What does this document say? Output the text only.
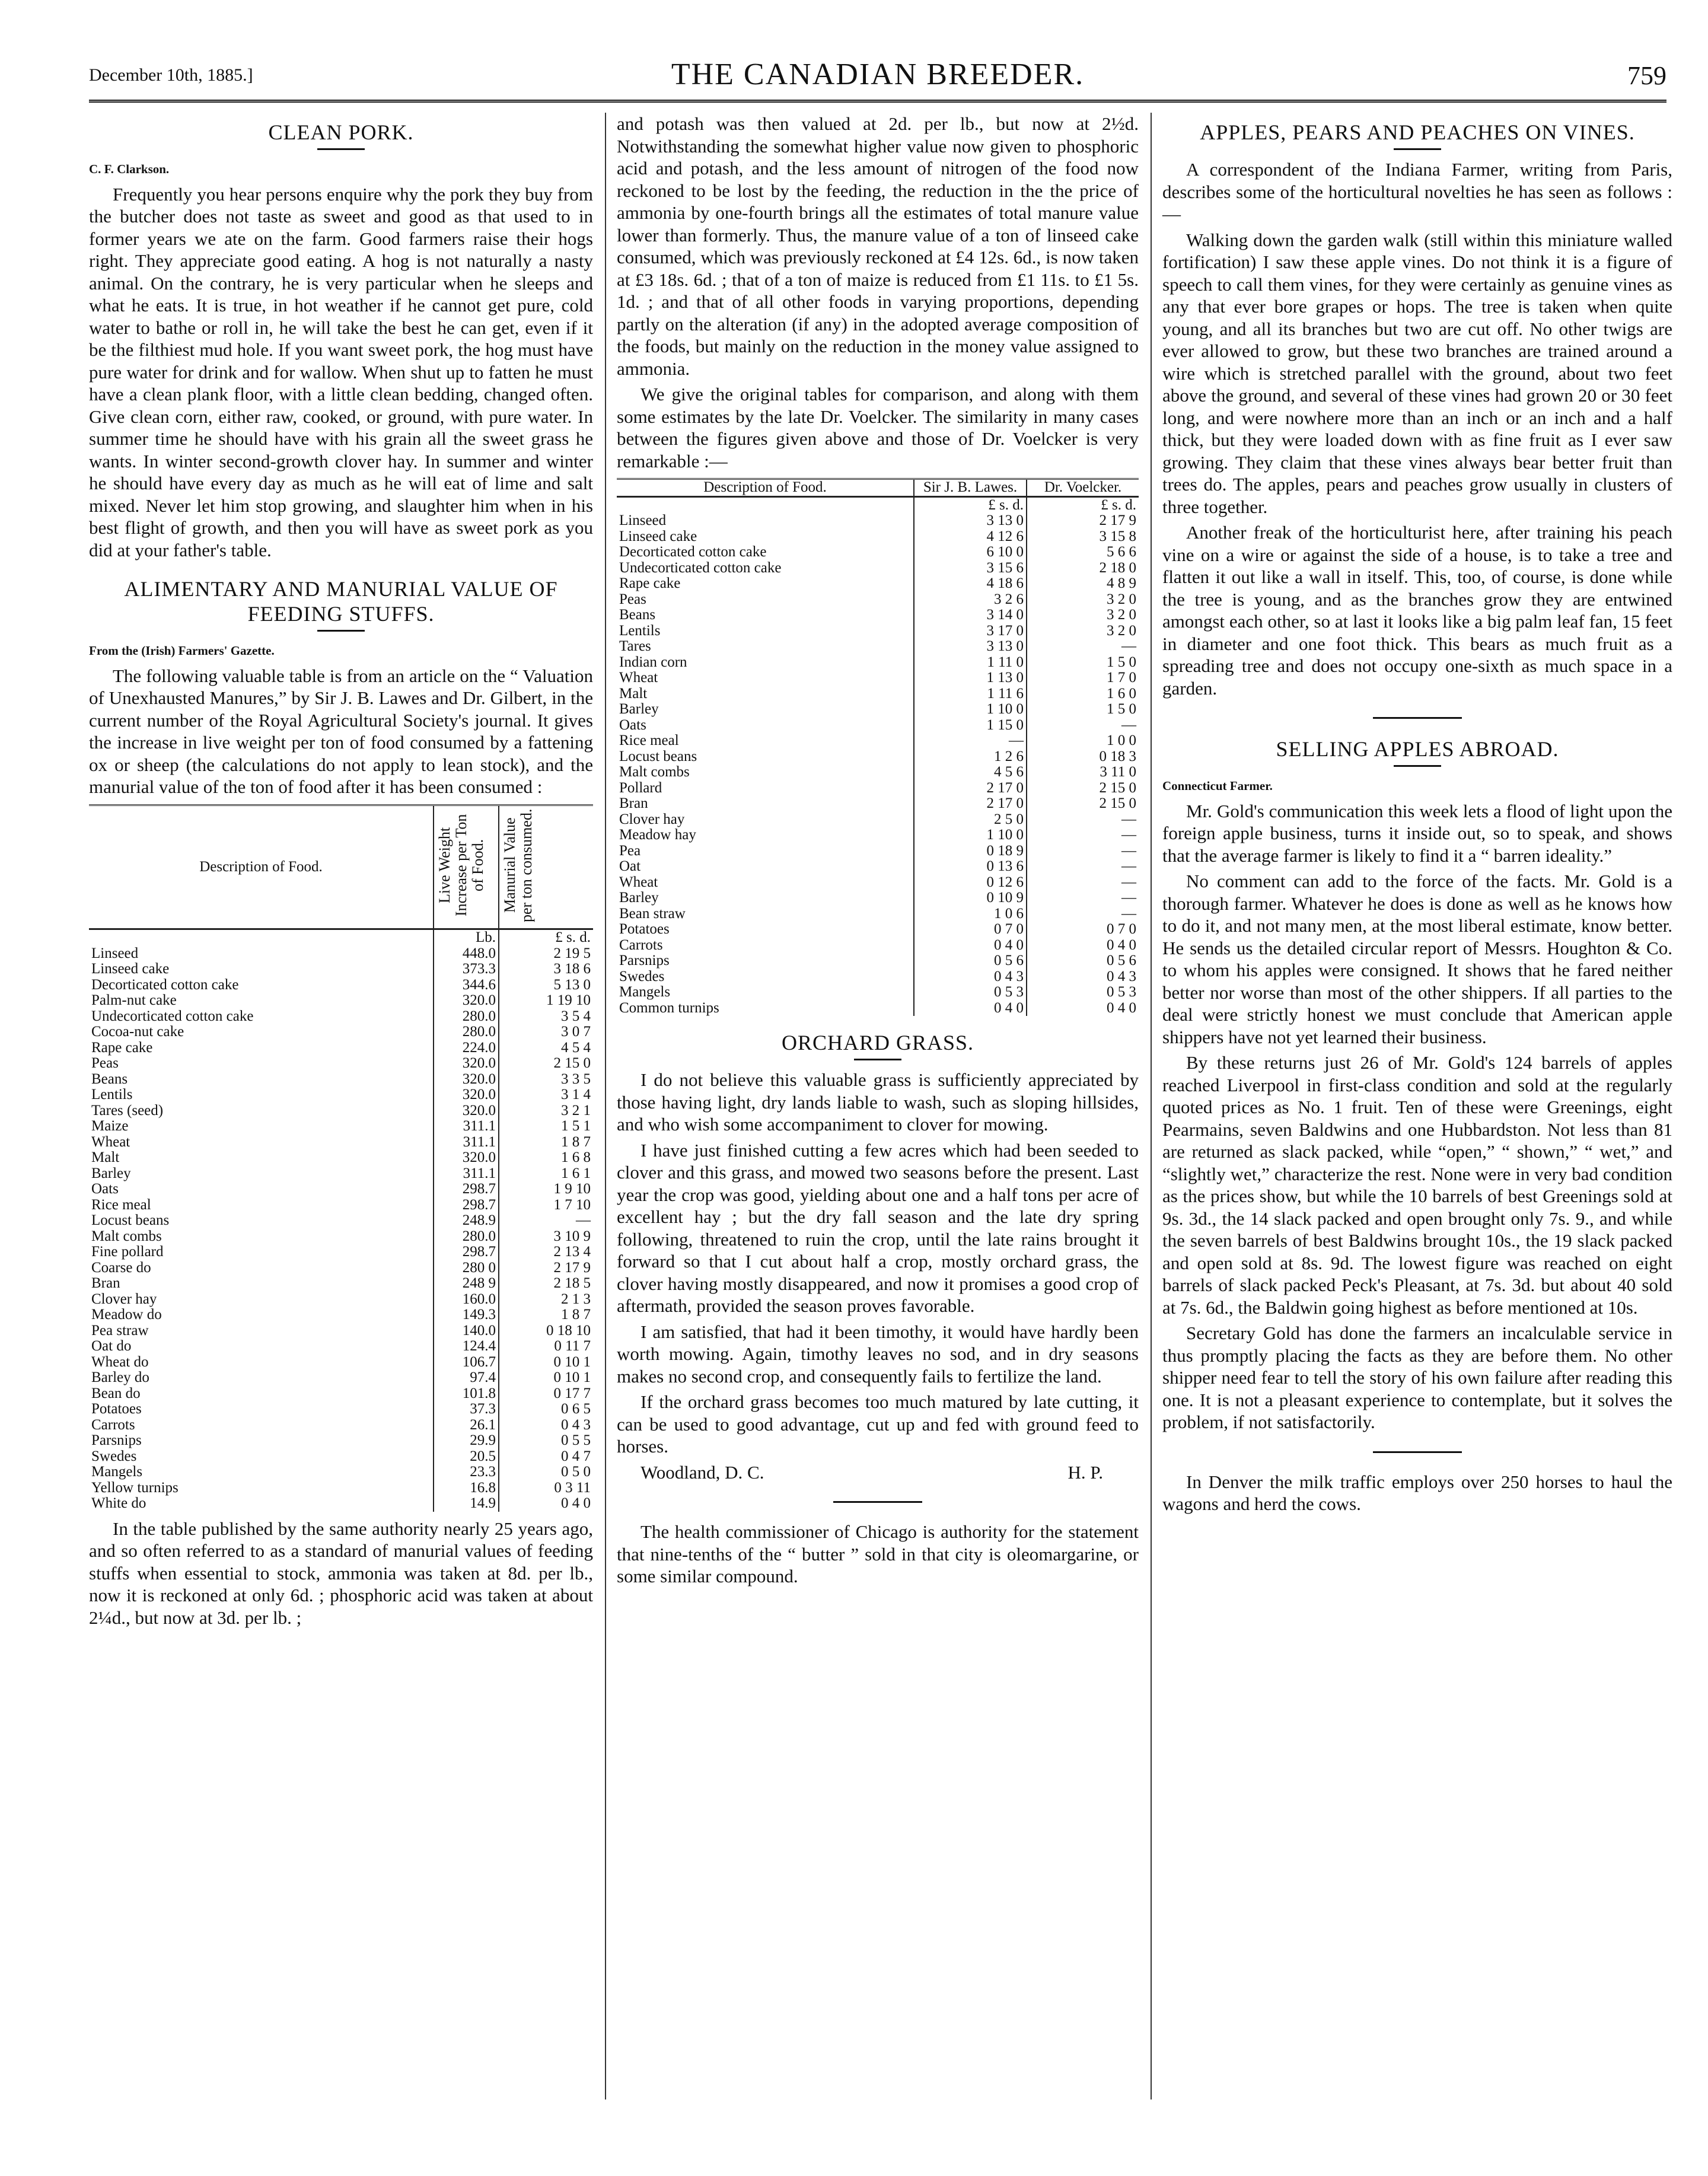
December 10th, 1885.]	THE CANADIAN BREEDER.	759
CLEAN PORK.
C. F. Clarkson.

Frequently you hear persons enquire why the pork they buy from the butcher does not taste as sweet and good as that used to in former years we ate on the farm. Good farmers raise their hogs right. They appreciate good eating. A hog is not naturally a nasty animal. On the contrary, he is very particular when he sleeps and what he eats. It is true, in hot weather if he cannot get pure, cold water to bathe or roll in, he will take the best he can get, even if it be the filthiest mud hole. If you want sweet pork, the hog must have pure water for drink and for wallow. When shut up to fatten he must have a clean plank floor, with a little clean bedding, changed often. Give clean corn, either raw, cooked, or ground, with pure water. In summer time he should have with his grain all the sweet grass he wants. In winter second-growth clover hay. In summer and winter he should have every day as much as he will eat of lime and salt mixed. Never let him stop growing, and slaughter him when in his best flight of growth, and then you will have as sweet pork as you did at your father's table.

ALIMENTARY AND MANURIAL VALUE OF FEEDING STUFFS.
From the (Irish) Farmers' Gazette.

The following valuable table is from an article on the “ Valuation of Unexhausted Manures,” by Sir J. B. Lawes and Dr. Gilbert, in the current number of the Royal Agricultural Society's journal. It gives the increase in live weight per ton of food consumed by a fattening ox or sheep (the calculations do not apply to lean stock), and the manurial value of the ton of food after it has been consumed :

Description of Food.	Live Weight Increase per Ton of Food.	Manurial Value per ton consumed.
	Lb.	£ s. d.
Linseed	448.0	2 19 5
Linseed cake	373.3	3 18 6
Decorticated cotton cake	344.6	5 13 0
Palm-nut cake	320.0	1 19 10
Undecorticated cotton cake	280.0	3 5 4
Cocoa-nut cake	280.0	3 0 7
Rape cake	224.0	4 5 4
Peas	320.0	2 15 0
Beans	320.0	3 3 5
Lentils	320.0	3 1 4
Tares (seed)	320.0	3 2 1
Maize	311.1	1 5 1
Wheat	311.1	1 8 7
Malt	320.0	1 6 8
Barley	311.1	1 6 1
Oats	298.7	1 9 10
Rice meal	298.7	1 7 10
Locust beans	248.9	—
Malt combs	280.0	3 10 9
Fine pollard	298.7	2 13 4
Coarse do	280 0	2 17 9
Bran	248 9	2 18 5
Clover hay	160.0	2 1 3
Meadow do	149.3	1 8 7
Pea straw	140.0	0 18 10
Oat do	124.4	0 11 7
Wheat do	106.7	0 10 1
Barley do	97.4	0 10 1
Bean do	101.8	0 17 7
Potatoes	37.3	0 6 5
Carrots	26.1	0 4 3
Parsnips	29.9	0 5 5
Swedes	20.5	0 4 7
Mangels	23.3	0 5 0
Yellow turnips	16.8	0 3 11
White do	14.9	0 4 0

In the table published by the same authority nearly 25 years ago, and so often referred to as a standard of manurial values of feeding stuffs when essential to stock, ammonia was taken at 8d. per lb., now it is reckoned at only 6d. ; phosphoric acid was taken at about 2¼d., but now at 3d. per lb. ;

and potash was then valued at 2d. per lb., but now at 2½d. Notwithstanding the somewhat higher value now given to phosphoric acid and potash, and the less amount of nitrogen of the food now reckoned to be lost by the feeding, the reduction in the the price of ammonia by one-fourth brings all the estimates of total manure value lower than formerly. Thus, the manure value of a ton of linseed cake consumed, which was previously reckoned at £4 12s. 6d., is now taken at £3 18s. 6d. ; that of a ton of maize is reduced from £1 11s. to £1 5s. 1d. ; and that of all other foods in varying proportions, depending partly on the alteration (if any) in the adopted average composition of the foods, but mainly on the reduction in the money value assigned to ammonia.

We give the original tables for comparison, and along with them some estimates by the late Dr. Voelcker. The similarity in many cases between the figures given above and those of Dr. Voelcker is very remarkable :—

Description of Food.	Sir J. B. Lawes.	Dr. Voelcker.
	£ s. d.	£ s. d.
Linseed	3 13 0	2 17 9
Linseed cake	4 12 6	3 15 8
Decorticated cotton cake	6 10 0	5 6 6
Undecorticated cotton cake	3 15 6	2 18 0
Rape cake	4 18 6	4 8 9
Peas	3 2 6	3 2 0
Beans	3 14 0	3 2 0
Lentils	3 17 0	3 2 0
Tares	3 13 0	—
Indian corn	1 11 0	1 5 0
Wheat	1 13 0	1 7 0
Malt	1 11 6	1 6 0
Barley	1 10 0	1 5 0
Oats	1 15 0	—
Rice meal	—	1 0 0
Locust beans	1 2 6	0 18 3
Malt combs	4 5 6	3 11 0
Pollard	2 17 0	2 15 0
Bran	2 17 0	2 15 0
Clover hay	2 5 0	—
Meadow hay	1 10 0	—
Pea	0 18 9	—
Oat	0 13 6	—
Wheat	0 12 6	—
Barley	0 10 9	—
Bean straw	1 0 6	—
Potatoes	0 7 0	0 7 0
Carrots	0 4 0	0 4 0
Parsnips	0 5 6	0 5 6
Swedes	0 4 3	0 4 3
Mangels	0 5 3	0 5 3
Common turnips	0 4 0	0 4 0
ORCHARD GRASS.

I do not believe this valuable grass is sufficiently appreciated by those having light, dry lands liable to wash, such as sloping hillsides, and who wish some accompaniment to clover for mowing.

I have just finished cutting a few acres which had been seeded to clover and this grass, and mowed two seasons before the present. Last year the crop was good, yielding about one and a half tons per acre of excellent hay ; but the dry fall season and the late dry spring following, threatened to ruin the crop, until the late rains brought it forward so that I cut about half a crop, mostly orchard grass, the clover having mostly disappeared, and now it promises a good crop of aftermath, provided the season proves favorable.

I am satisfied, that had it been timothy, it would have hardly been worth mowing. Again, timothy leaves no sod, and in dry seasons makes no second crop, and consequently fails to fertilize the land.

If the orchard grass becomes too much matured by late cutting, it can be used to good advantage, cut up and fed with ground feed to horses.

Woodland, D. C.	H. P.

The health commissioner of Chicago is authority for the statement that nine-tenths of the “ butter ” sold in that city is oleomargarine, or some similar compound.

APPLES, PEARS AND PEACHES ON VINES.

A correspondent of the Indiana Farmer, writing from Paris, describes some of the horticultural novelties he has seen as follows :—

Walking down the garden walk (still within this miniature walled fortification) I saw these apple vines. Do not think it is a figure of speech to call them vines, for they were certainly as genuine vines as any that ever bore grapes or hops. The tree is taken when quite young, and all its branches but two are cut off. No other twigs are ever allowed to grow, but these two branches are trained around a wire which is stretched parallel with the ground, about two feet above the ground, and several of these vines had grown 20 or 30 feet long, and were nowhere more than an inch or an inch and a half thick, but they were loaded down with as fine fruit as I ever saw growing. They claim that these vines always bear better fruit than trees do. The apples, pears and peaches grow usually in clusters of three together.

Another freak of the horticulturist here, after training his peach vine on a wire or against the side of a house, is to take a tree and flatten it out like a wall in itself. This, too, of course, is done while the tree is young, and as the branches grow they are entwined amongst each other, so at last it looks like a big palm leaf fan, 15 feet in diameter and one foot thick. This bears as much fruit as a spreading tree and does not occupy one-sixth as much space in a garden.

SELLING APPLES ABROAD.
Connecticut Farmer.

Mr. Gold's communication this week lets a flood of light upon the foreign apple business, turns it inside out, so to speak, and shows that the average farmer is likely to find it a “ barren ideality.”

No comment can add to the force of the facts. Mr. Gold is a thorough farmer. Whatever he does is done as well as he knows how to do it, and not many men, at the most liberal estimate, know better. He sends us the detailed circular report of Messrs. Houghton & Co. to whom his apples were consigned. It shows that he fared neither better nor worse than most of the other shippers. If all parties to the deal were strictly honest we must conclude that American apple shippers have not yet learned their business.

By these returns just 26 of Mr. Gold's 124 barrels of apples reached Liverpool in first-class condition and sold at the regularly quoted prices as No. 1 fruit. Ten of these were Greenings, eight Pearmains, seven Baldwins and one Hubbardston. Not less than 81 are returned as slack packed, while “open,” “ shown,” “ wet,” and “slightly wet,” characterize the rest. None were in very bad condition as the prices show, but while the 10 barrels of best Greenings sold at 9s. 3d., the 14 slack packed and open brought only 7s. 9., and while the seven barrels of best Baldwins brought 10s., the 19 slack packed and open sold at 8s. 9d. The lowest figure was reached on eight barrels of slack packed Peck's Pleasant, at 7s. 3d. but about 40 sold at 7s. 6d., the Baldwin going highest as before mentioned at 10s.

Secretary Gold has done the farmers an incalculable service in thus promptly placing the facts as they are before them. No other shipper need fear to tell the story of his own failure after reading this one. It is not a pleasant experience to contemplate, but it solves the problem, if not satisfactorily.

In Denver the milk traffic employs over 250 horses to haul the wagons and herd the cows.
